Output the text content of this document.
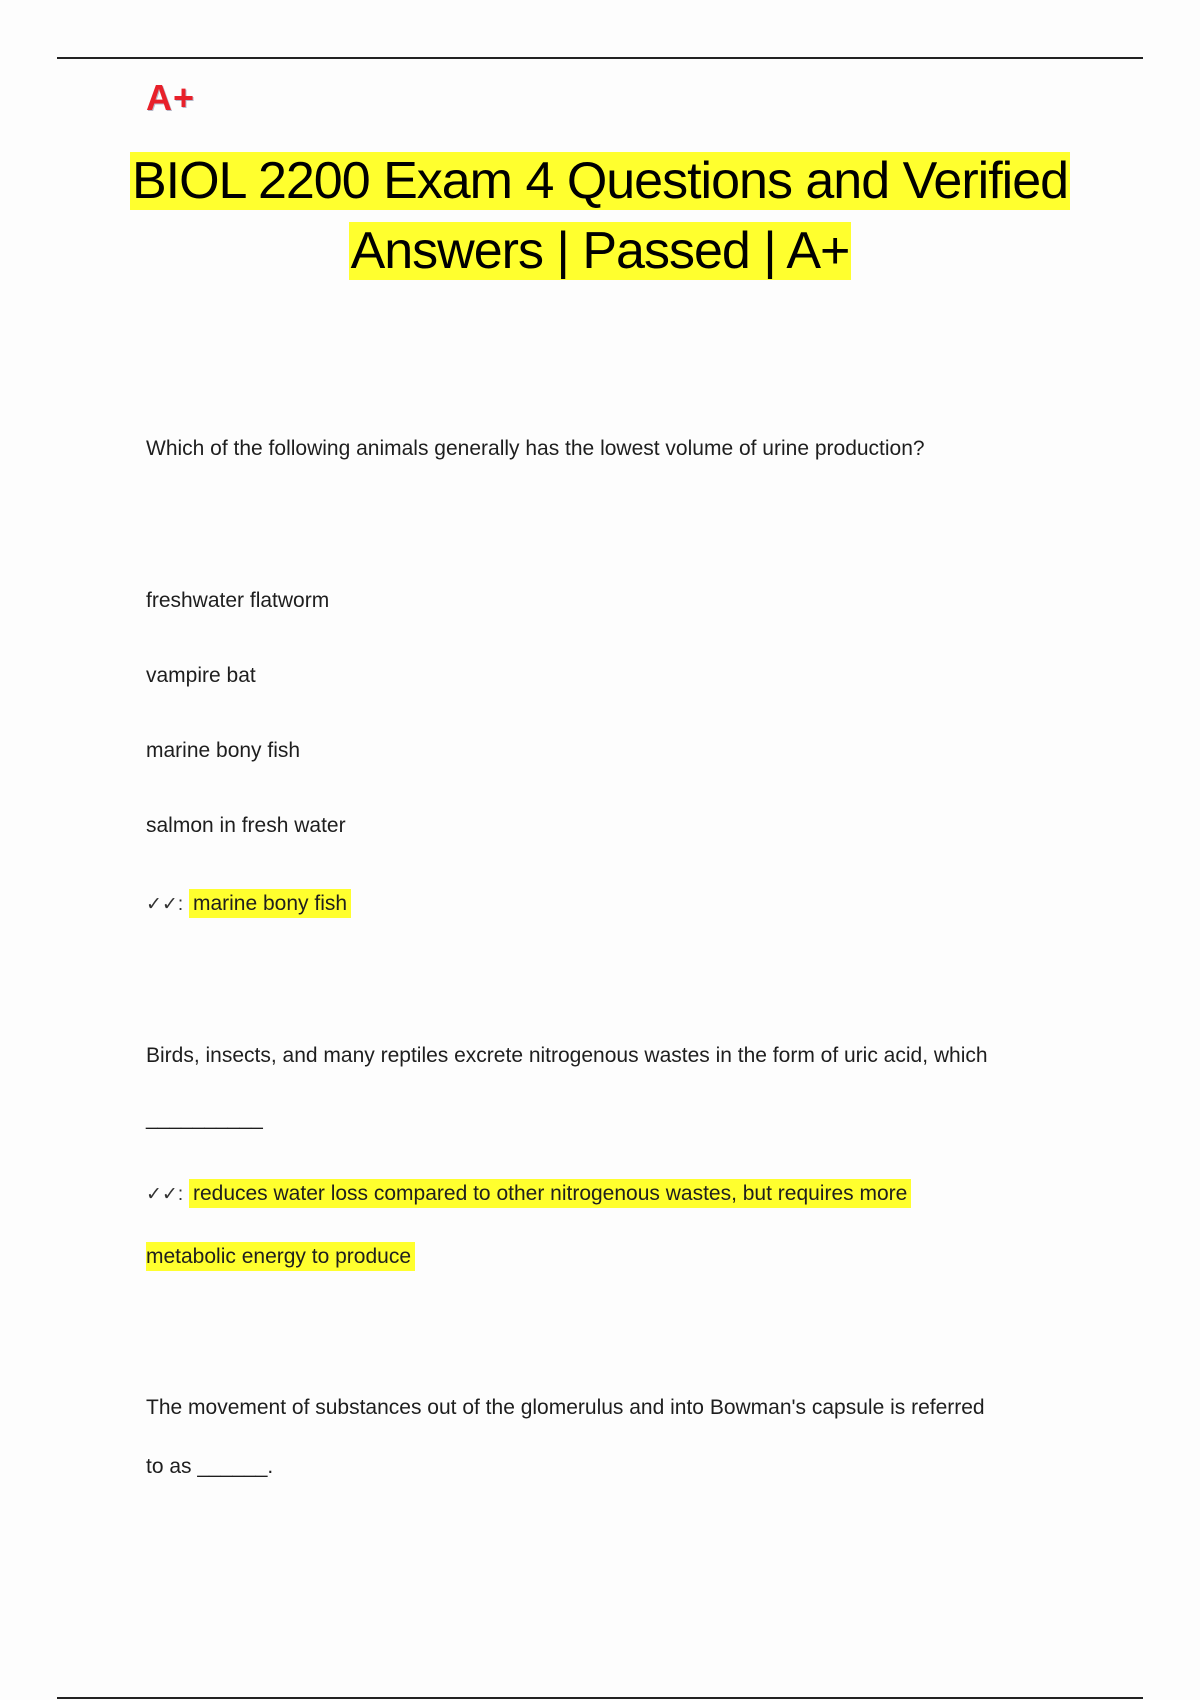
A+
BIOL 2200 Exam 4 Questions and Verified
Answers | Passed | A+
Which of the following animals generally has the lowest volume of urine production?
freshwater flatworm
vampire bat
marine bony fish
salmon in fresh water
✓✓: marine bony fish
Birds, insects, and many reptiles excrete nitrogenous wastes in the form of uric acid, which
__________
✓✓: reduces water loss compared to other nitrogenous wastes, but requires more
metabolic energy to produce
The movement of substances out of the glomerulus and into Bowman's capsule is referred
to as ______.
